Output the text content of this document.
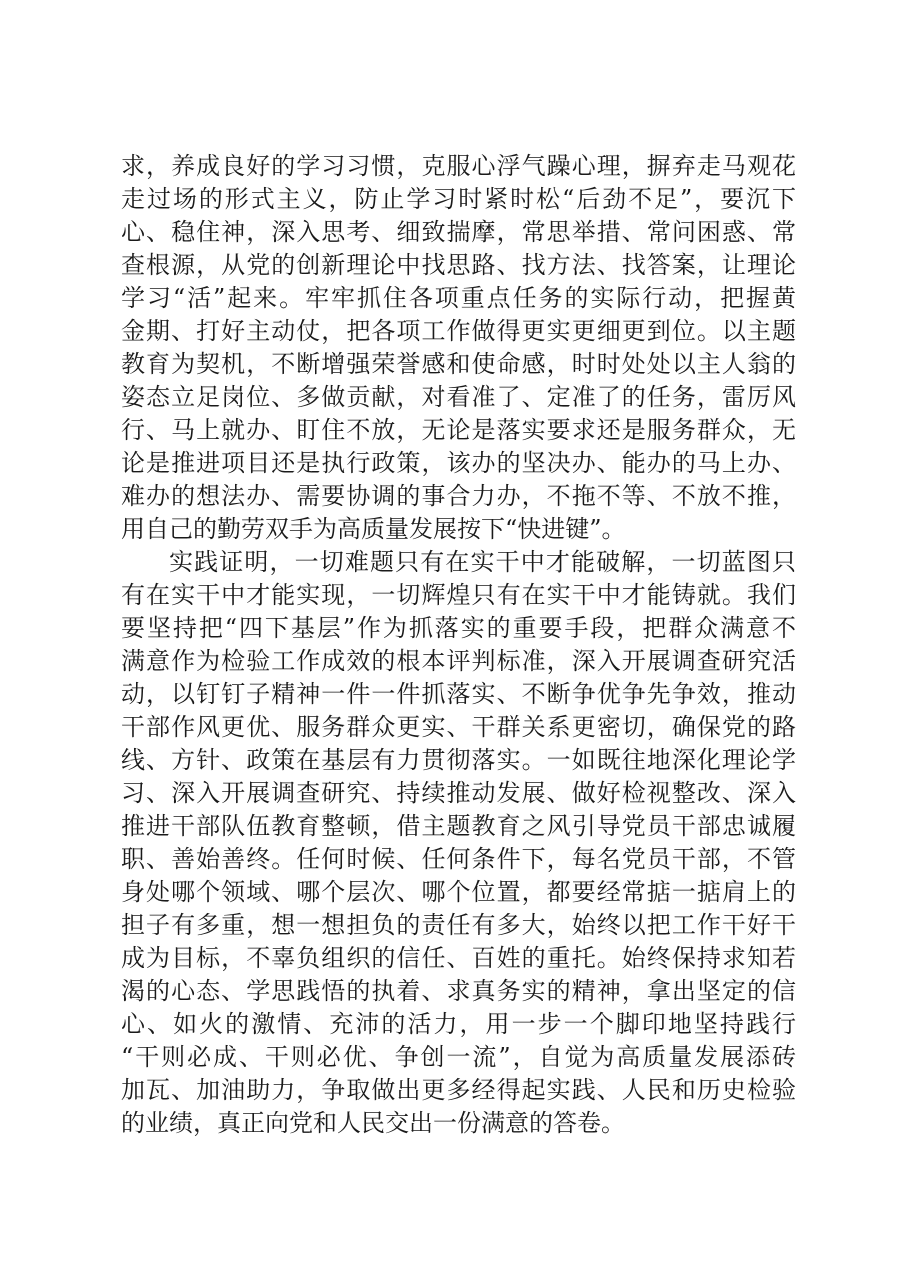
求，养成良好的学习习惯，克服心浮气躁心理，摒弃走马观花
走过场的形式主义，防止学习时紧时松“后劲不足”，要沉下
心、稳住神，深入思考、细致揣摩，常思举措、常问困惑、常
查根源，从党的创新理论中找思路、找方法、找答案，让理论
学习“活”起来。牢牢抓住各项重点任务的实际行动，把握黄
金期、打好主动仗，把各项工作做得更实更细更到位。以主题
教育为契机，不断增强荣誉感和使命感，时时处处以主人翁的
姿态立足岗位、多做贡献，对看准了、定准了的任务，雷厉风
行、马上就办、盯住不放，无论是落实要求还是服务群众，无
论是推进项目还是执行政策，该办的坚决办、能办的马上办、
难办的想法办、需要协调的事合力办，不拖不等、不放不推，
用自己的勤劳双手为高质量发展按下“快进键”。
实践证明，一切难题只有在实干中才能破解，一切蓝图只
有在实干中才能实现，一切辉煌只有在实干中才能铸就。我们
要坚持把“四下基层”作为抓落实的重要手段，把群众满意不
满意作为检验工作成效的根本评判标准，深入开展调查研究活
动，以钉钉子精神一件一件抓落实、不断争优争先争效，推动
干部作风更优、服务群众更实、干群关系更密切，确保党的路
线、方针、政策在基层有力贯彻落实。一如既往地深化理论学
习、深入开展调查研究、持续推动发展、做好检视整改、深入
推进干部队伍教育整顿，借主题教育之风引导党员干部忠诚履
职、善始善终。任何时候、任何条件下，每名党员干部，不管
身处哪个领域、哪个层次、哪个位置，都要经常掂一掂肩上的
担子有多重，想一想担负的责任有多大，始终以把工作干好干
成为目标，不辜负组织的信任、百姓的重托。始终保持求知若
渴的心态、学思践悟的执着、求真务实的精神，拿出坚定的信
心、如火的激情、充沛的活力，用一步一个脚印地坚持践行
“干则必成、干则必优、争创一流”，自觉为高质量发展添砖
加瓦、加油助力，争取做出更多经得起实践、人民和历史检验
的业绩，真正向党和人民交出一份满意的答卷。
